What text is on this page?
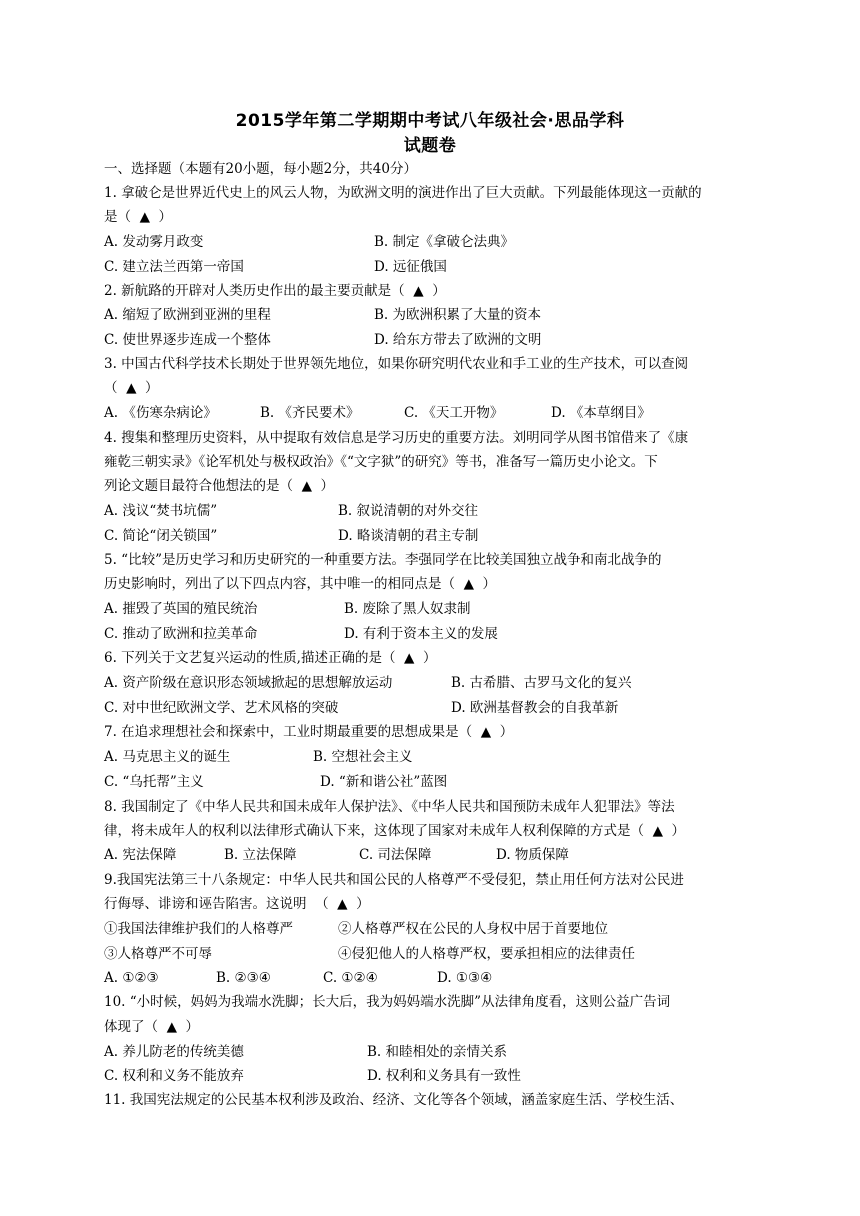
2015学年第二学期期中考试八年级社会·思品学科
试题卷
一、选择题（本题有20小题，每小题2分，共40分）
1. 拿破仑是世界近代史上的风云人物，为欧洲文明的演进作出了巨大贡献。下列最能体现这一贡献的
是（  ▲  ）
A. 发动雾月政变	B. 制定《拿破仑法典》
C. 建立法兰西第一帝国	D. 远征俄国
2. 新航路的开辟对人类历史作出的最主要贡献是（  ▲  ）
A. 缩短了欧洲到亚洲的里程	B. 为欧洲积累了大量的资本
C. 使世界逐步连成一个整体	D. 给东方带去了欧洲的文明
3. 中国古代科学技术长期处于世界领先地位，如果你研究明代农业和手工业的生产技术，可以查阅
（  ▲  ）
A. 《伤寒杂病论》	B. 《齐民要术》	C. 《天工开物》	D. 《本草纲目》
4. 搜集和整理历史资料，从中提取有效信息是学习历史的重要方法。刘明同学从图书馆借来了《康
雍乾三朝实录》《论军机处与极权政治》《“文字狱”的研究》等书，准备写一篇历史小论文。下
列论文题目最符合他想法的是（  ▲  ）
A. 浅议“焚书坑儒”	B. 叙说清朝的对外交往
C. 简论“闭关锁国”	D. 略谈清朝的君主专制
5. “比较”是历史学习和历史研究的一种重要方法。李强同学在比较美国独立战争和南北战争的
历史影响时，列出了以下四点内容，其中唯一的相同点是（  ▲  ）
A. 摧毁了英国的殖民统治	B. 废除了黑人奴隶制
C. 推动了欧洲和拉美革命	D. 有利于资本主义的发展
6. 下列关于文艺复兴运动的性质,描述正确的是（  ▲  ）
A. 资产阶级在意识形态领域掀起的思想解放运动	B. 古希腊、古罗马文化的复兴
C. 对中世纪欧洲文学、艺术风格的突破	D. 欧洲基督教会的自我革新
7. 在追求理想社会和探索中，工业时期最重要的思想成果是（  ▲  ）
A. 马克思主义的诞生	B. 空想社会主义
C. “乌托帮”主义	D. “新和谐公社”蓝图
8. 我国制定了《中华人民共和国未成年人保护法》、《中华人民共和国预防未成年人犯罪法》等法
律，将未成年人的权利以法律形式确认下来，这体现了国家对未成年人权利保障的方式是（  ▲  ）
A. 宪法保障	B. 立法保障	C. 司法保障	D. 物质保障
9.我国宪法第三十八条规定：中华人民共和国公民的人格尊严不受侵犯，禁止用任何方法对公民进
行侮辱、诽谤和诬告陷害。这说明  （  ▲  ）
①我国法律维护我们的人格尊严	②人格尊严权在公民的人身权中居于首要地位
③人格尊严不可辱	④侵犯他人的人格尊严权，要承担相应的法律责任
A. ①②③	B. ②③④	C. ①②④	D. ①③④
10. “小时候，妈妈为我端水洗脚；长大后，我为妈妈端水洗脚”从法律角度看，这则公益广告词
体现了（  ▲  ）
A. 养儿防老的传统美德	B. 和睦相处的亲情关系
C. 权利和义务不能放弃	D. 权利和义务具有一致性
11. 我国宪法规定的公民基本权利涉及政治、经济、文化等各个领域，涵盖家庭生活、学校生活、
